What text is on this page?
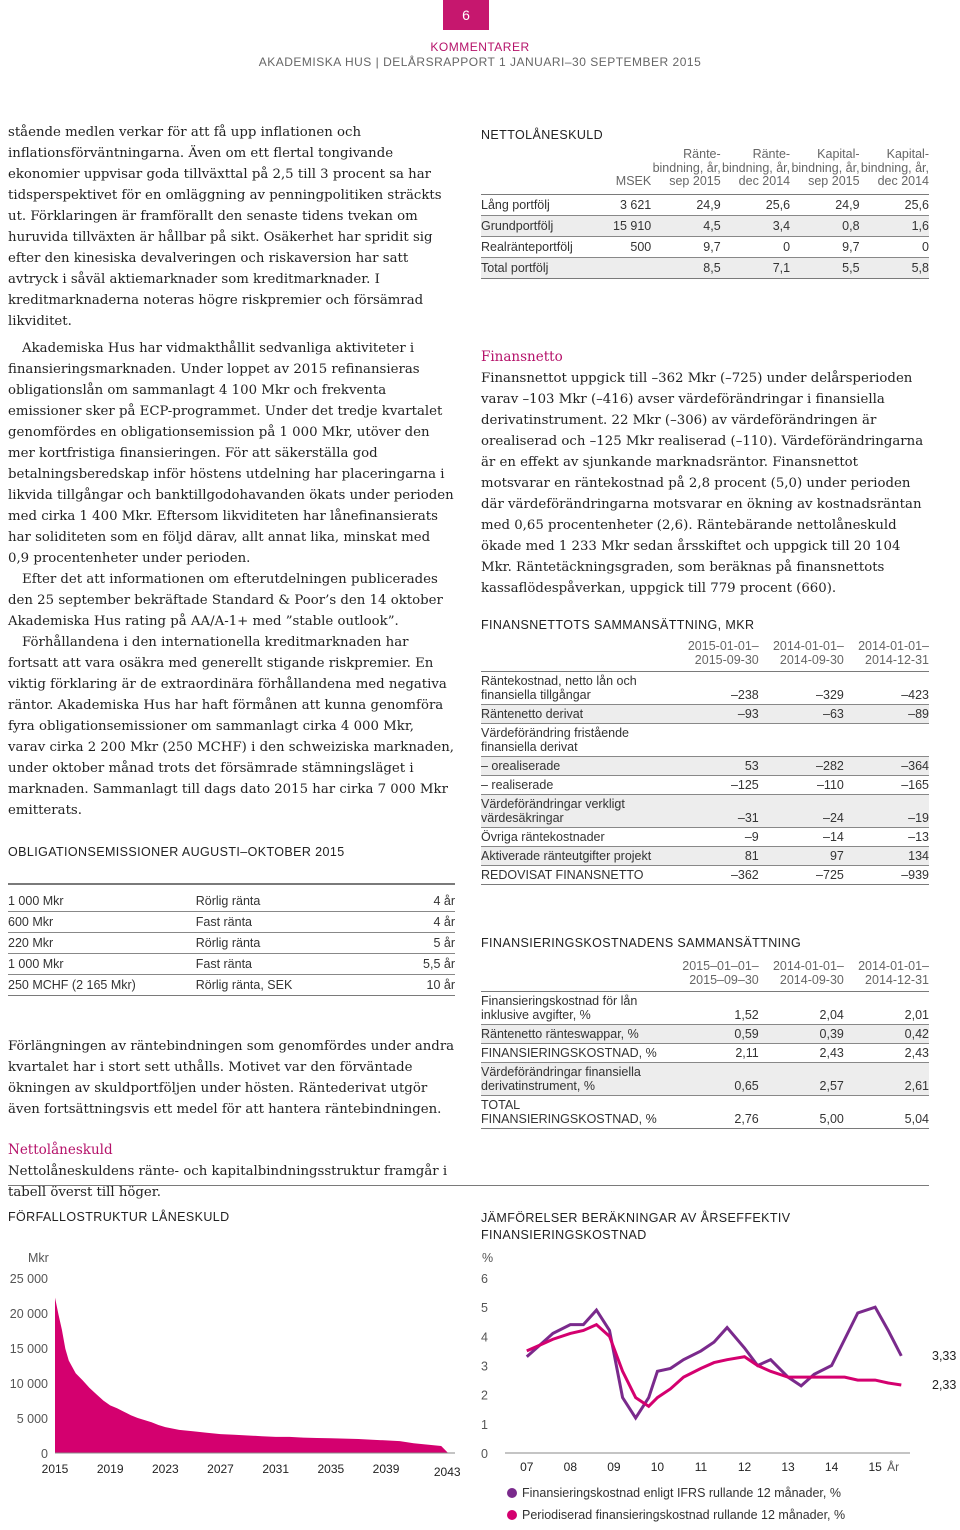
6
KOMMENTARER
AKADEMISKA HUS | DELÅRSRAPPORT 1 JANUARI–30 SEPTEMBER 2015

stående medlen verkar för att få upp inflationen och inflationsförväntningarna. Även om ett flertal tongivande ekonomier uppvisar goda tillväxttal på 2,5 till 3 procent sa har tidsperspektivet för en omläggning av penningpolitiken sträckts ut. Förklaringen är framförallt den senaste tidens tvekan om huruvida tillväxten är hållbar på sikt. Osäkerhet har spridit sig efter den kinesiska devalveringen och riskaversion har satt avtryck i såväl aktiemarknader som kreditmarknader. I kreditmarknaderna noteras högre riskpremier och försämrad likviditet.

Akademiska Hus har vidmakthållit sedvanliga aktiviteter i finansieringsmarknaden. Under loppet av 2015 refinansieras obligationslån om sammanlagt 4 100 Mkr och frekventa emissioner sker på ECP-programmet. Under det tredje kvartalet genomfördes en obligationsemission på 1 000 Mkr, utöver den mer kortfristiga finansieringen. För att säkerställa god betalningsberedskap inför höstens utdelning har placeringarna i likvida tillgångar och banktillgodohavanden ökats under perioden med cirka 1 400 Mkr. Eftersom likviditeten har lånefinansierats har soliditeten som en följd därav, allt annat lika, minskat med 0,9 procentenheter under perioden.

Efter det att informationen om efterutdelningen publicerades den 25 september bekräftade Standard & Poor’s den 14 oktober Akademiska Hus rating på AA/A-1+ med ”stable outlook”.

Förhållandena i den internationella kreditmarknaden har fortsatt att vara osäkra med generellt stigande riskpremier. En viktig förklaring är de extraordinära förhållandena med negativa räntor. Akademiska Hus har haft förmånen att kunna genomföra fyra obligationsemissioner om sammanlagt cirka 4 000 Mkr, varav cirka 2 200 Mkr (250 MCHF) i den schweiziska marknaden, under oktober månad trots det försämrade stämningsläget i marknaden. Sammanlagt till dags dato 2015 har cirka 7 000 Mkr emitterats.

OBLIGATIONSEMISSIONER AUGUSTI–OKTOBER 2015
1 000 Mkr	Rörlig ränta	4 år
600 Mkr	Fast ränta	4 år
220 Mkr	Rörlig ränta	5 år
1 000 Mkr	Fast ränta	5,5 år
250 MCHF (2 165 Mkr)	Rörlig ränta, SEK	10 år

Förlängningen av räntebindningen som genomfördes under andra kvartalet har i stort sett uthålls. Motivet var den förväntade ökningen av skuldportföljen under hösten. Räntederivat utgör även fortsättningsvis ett medel för att hantera räntebindningen.

Nettolåneskuld

Nettolåneskuldens ränte- och kapitalbindningsstruktur framgår i tabell överst till höger.

NETTOLÅNESKULD
	MSEK	Ränte-bindning, år, sep 2015	Ränte-bindning, år, dec 2014	Kapital-bindning, år, sep 2015	Kapital-bindning, år, dec 2014
Lång portfölj	3 621	24,9	25,6	24,9	25,6
Grundportfölj	15 910	4,5	3,4	0,8	1,6
Realränteportfölj	500	9,7	0	9,7	0
Total portfölj		8,5	7,1	5,5	5,8

Finansnetto

Finansnettot uppgick till –362 Mkr (–725) under delårsperioden varav –103 Mkr (–416) avser värdeförändringar i finansiella derivatinstrument. 22 Mkr (–306) av värdeförändringen är orealiserad och –125 Mkr realiserad (–110). Värdeförändringarna är en effekt av sjunkande marknadsräntor. Finansnettot motsvarar en räntekostnad på 2,8 procent (5,0) under perioden där värdeförändringarna motsvarar en ökning av kostnadsräntan med 0,65 procentenheter (2,6). Räntebärande nettolåneskuld ökade med 1 233 Mkr sedan årsskiftet och uppgick till 20 104 Mkr. Räntetäckningsgraden, som beräknas på finansnettots kassaflödespåverkan, uppgick till 779 procent (660).

FINANSNETTOTS SAMMANSÄTTNING, MKR
	2015-01-01–2015-09-30	2014-01-01–2014-09-30	2014-01-01–2014-12-31
Räntekostnad, netto lån och finansiella tillgångar	–238	–329	–423
Räntenetto derivat	–93	–63	–89
Värdeförändring fristående finansiella derivat			
– orealiserade	53	–282	–364
– realiserade	–125	–110	–165
Värdeförändringar verkligt värdesäkringar	–31	–24	–19
Övriga räntekostnader	–9	–14	–13
Aktiverade ränteutgifter projekt	81	97	134
REDOVISAT FINANSNETTO	–362	–725	–939
FINANSIERINGSKOSTNADENS SAMMANSÄTTNING
	2015–01–01–2015–09–30	2014-01-01–2014-09-30	2014-01-01–2014-12-31
Finansieringskostnad för lån inklusive avgifter, %	1,52	2,04	2,01
Räntenetto ränteswappar, %	0,59	0,39	0,42
FINANSIERINGSKOSTNAD, %	2,11	2,43	2,43
Värdeförändringar finansiella derivatinstrument, %	0,65	2,57	2,61
TOTAL FINANSIERINGSKOSTNAD, %	2,76	5,00	5,04
FÖRFALLOSTRUKTUR LÅNESKULD	JÄMFÖRELSER BERÄKNINGAR AV ÅRSEFFEKTIV FINANSIERINGSKOSTNAD
Mkr
25 000
20 000
15 000
10 000
5 000
0
2015 2019 2023 2027 2031 2035 2039	2043
%
6
5
4
3
2
1
0
3,33
2,33
07	08	09	10	11	12	13	14	15 År
Finansieringskostnad enligt IFRS rullande 12 månader, %
Periodiserad finansieringskostnad rullande 12 månader, %
